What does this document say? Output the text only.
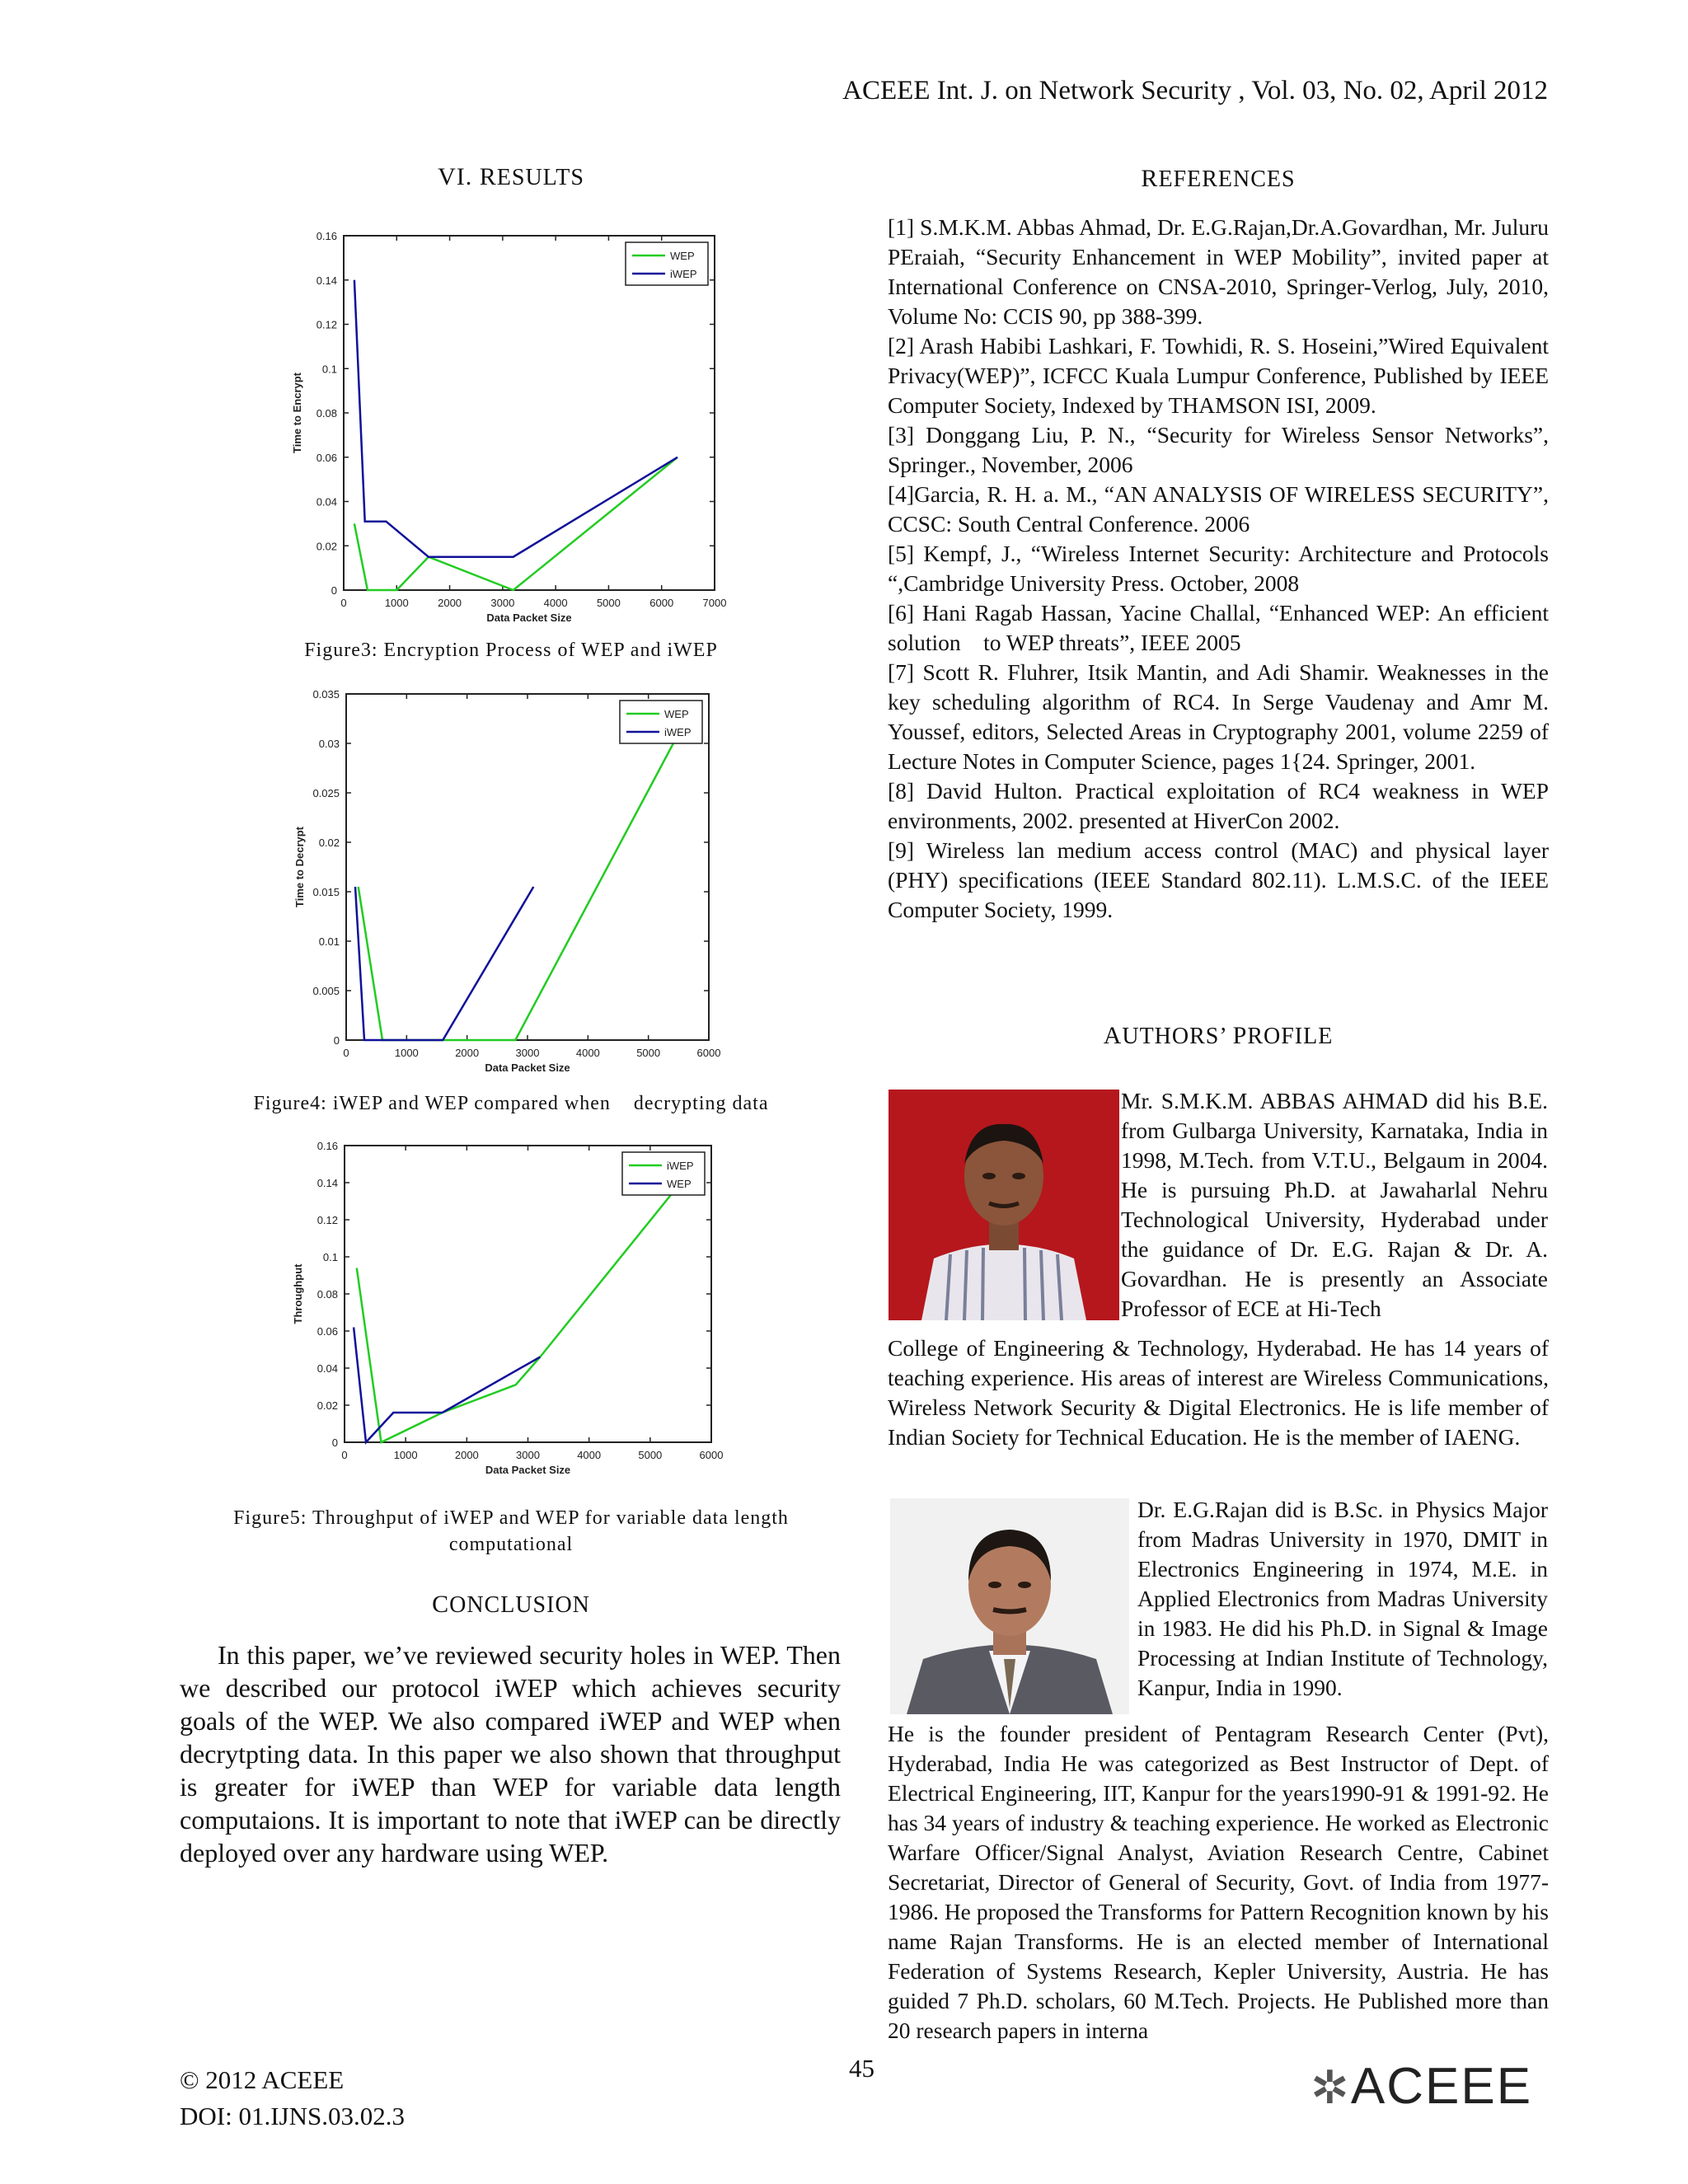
ACEEE Int. J. on Network Security , Vol. 03, No. 02, April 2012
VI. RESULTS
0	1000	2000	3000	4000	5000	6000	7000
0
0.02
0.04
0.06
0.08
0.1
0.12
0.14
0.16
Data Packet Size
Time to Encrypt
WEP
iWEP
Figure3: Encryption Process of WEP and iWEP
0	1000	2000	3000	4000	5000	6000
0
0.005
0.01
0.015
0.02
0.025
0.03
0.035
Data Packet Size
Time to Decrypt
WEP
iWEP
Figure4: iWEP and WEP compared when    decrypting data
0	1000	2000	3000	4000	5000	6000
0
0.02
0.04
0.06
0.08
0.1
0.12
0.14
0.16
Data Packet Size
Throughput
iWEP
WEP
Figure5: Throughput of iWEP and WEP for variable data length computational
CONCLUSION
In this paper, we’ve reviewed security holes in WEP. Then we described our protocol iWEP which achieves security goals of the WEP. We also compared iWEP and WEP when decrytpting data. In this paper we also shown that throughput is greater for iWEP than WEP for variable data length computaions. It is important to note that iWEP can be directly deployed over any hardware using WEP.
REFERENCES

[1] S.M.K.M. Abbas Ahmad, Dr. E.G.Rajan,Dr.A.Govardhan, Mr. Juluru PEraiah, “Security Enhancement in WEP Mobility”, invited paper at International Conference on CNSA-2010, Springer-Verlog, July, 2010, Volume No: CCIS 90, pp 388-399.

[2] Arash Habibi Lashkari, F. Towhidi, R. S. Hoseini,”Wired Equivalent Privacy(WEP)”, ICFCC Kuala Lumpur Conference, Published by IEEE Computer Society, Indexed by THAMSON ISI, 2009.

[3] Donggang Liu, P. N., “Security for Wireless Sensor Networks”, Springer., November, 2006

[4]Garcia, R. H. a. M., “AN ANALYSIS OF WIRELESS SECURITY”, CCSC: South Central Conference. 2006

[5] Kempf, J., “Wireless Internet Security: Architecture and Protocols “,Cambridge University Press. October, 2008

[6] Hani Ragab Hassan, Yacine Challal, “Enhanced WEP: An efficient solution    to WEP threats”, IEEE 2005

[7] Scott R. Fluhrer, Itsik Mantin, and Adi Shamir. Weaknesses in the key scheduling algorithm of RC4. In Serge Vaudenay and Amr M. Youssef, editors, Selected Areas in Cryptography 2001, volume 2259 of Lecture Notes in Computer Science, pages 1{24. Springer, 2001.

[8] David Hulton. Practical exploitation of RC4 weakness in WEP environments, 2002. presented at HiverCon 2002.

[9] Wireless lan medium access control (MAC) and physical layer (PHY) specifications (IEEE Standard 802.11). L.M.S.C. of the IEEE Computer Society, 1999.

AUTHORS’ PROFILE
Mr. S.M.K.M. ABBAS AHMAD did his B.E. from Gulbarga University, Karnataka, India in 1998, M.Tech. from V.T.U., Belgaum in 2004. He is pursuing Ph.D. at Jawaharlal Nehru Technological University, Hyderabad under the guidance of Dr. E.G. Rajan & Dr. A. Govardhan. He is presently an Associate Professor of ECE at Hi-Tech
College of Engineering & Technology, Hyderabad. He has 14 years of teaching experience. His areas of interest are Wireless Communications, Wireless Network Security & Digital Electronics. He is life member of Indian Society for Technical Education. He is the member of IAENG.
Dr. E.G.Rajan did is B.Sc. in Physics Major from Madras University in 1970, DMIT in Electronics Engineering in 1974, M.E. in Applied Electronics from Madras University in 1983. He did his Ph.D. in Signal & Image Processing at Indian Institute of Technology, Kanpur, India in 1990.
He is the founder president of Pentagram Research Center (Pvt), Hyderabad, India He was categorized as Best Instructor of Dept. of Electrical Engineering, IIT, Kanpur for the years1990-91 & 1991-92. He has 34 years of industry & teaching experience. He worked as Electronic Warfare Officer/Signal Analyst, Aviation Research Centre, Cabinet Secretariat, Director of General of Security, Govt. of India from 1977-1986. He proposed the Transforms for Pattern Recognition known by his name Rajan Transforms. He is an elected member of International Federation of Systems Research, Kepler University, Austria. He has guided 7 Ph.D. scholars, 60 M.Tech. Projects. He Published more than 20 research papers in interna
© 2012 ACEEE
DOI: 01.IJNS.03.02.3
45	✲ACEEE
